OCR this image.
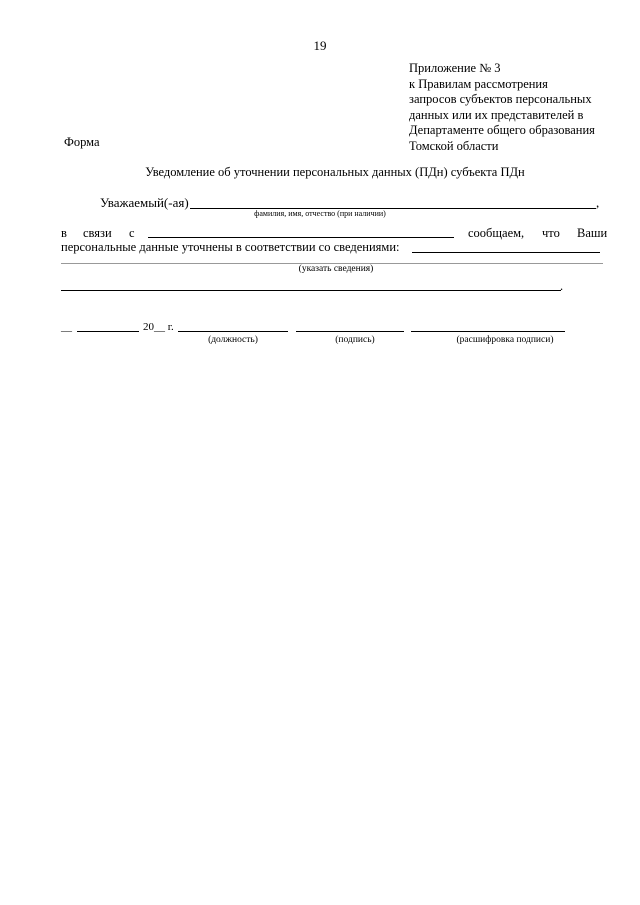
19
Приложение № 3
к Правилам рассмотрения
запросов субъектов персональных
данных или их представителей в
Департаменте общего образования
Томской области
Форма
Уведомление об уточнении персональных данных (ПДн) субъекта ПДн
Уважаемый(-ая)	,
фамилия, имя, отчество (при наличии)
в связи с	сообщаем, что Ваши
персональные данные уточнены в соответствии со сведениями:
(указать сведения)
.
__	20__ г.
(должность)	(подпись)	(расшифровка подписи)
